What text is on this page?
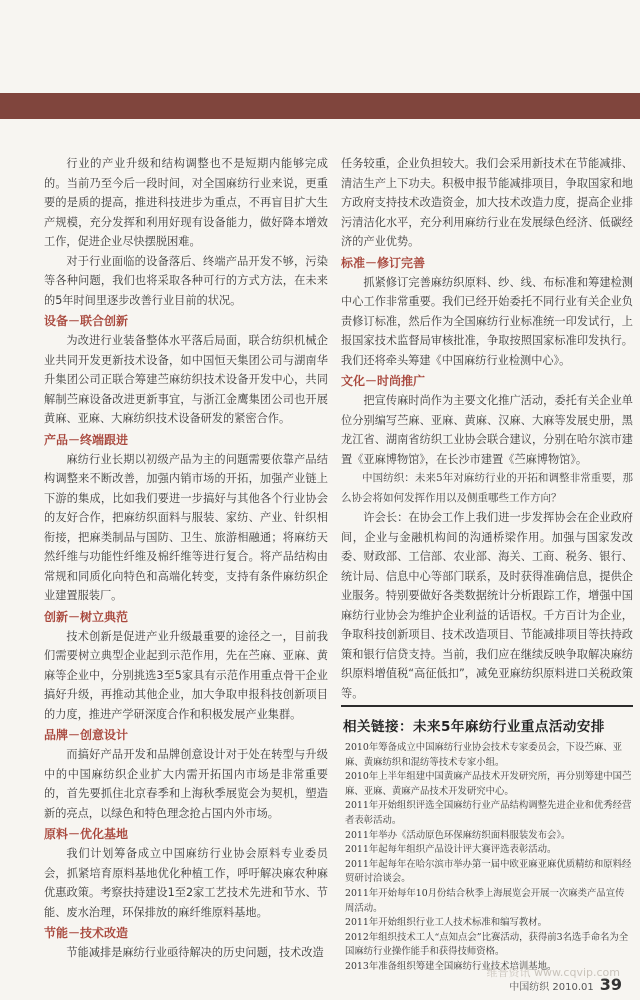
行业的产业升级和结构调整也不是短期内能够完成的。当前乃至今后一段时间，对全国麻纺行业来说，更重要的是质的提高，推进科技进步为重点，不再盲目扩大生产规模，充分发挥和利用好现有设备能力，做好降本增效工作，促进企业尽快摆脱困难。

对于行业面临的设备落后、终端产品开发不够，污染等各种问题，我们也将采取各种可行的方式方法，在未来的5年时间里逐步改善行业目前的状况。

设备－联合创新

为改进行业装备整体水平落后局面，联合纺织机械企业共同开发更新技术设备，如中国恒天集团公司与湖南华升集团公司正联合筹建苎麻纺织技术设备开发中心，共同解制苎麻设备改进更新事宜，与浙江金鹰集团公司也开展黄麻、亚麻、大麻纺织技术设备研发的紧密合作。

产品－终端跟进

麻纺行业长期以初级产品为主的问题需要依靠产品结构调整来不断改善，加强内销市场的开拓，加强产业链上下游的集成，比如我们要进一步搞好与其他各个行业协会的友好合作，把麻纺织面料与服装、家纺、产业、针织相衔接，把麻类制品与国防、卫生、旅游相融通；将麻纺天然纤维与功能性纤维及棉纤维等进行复合。将产品结构由常规和同质化向特色和高端化转变，支持有条件麻纺织企业建置服装厂。

创新－树立典范

技术创新是促进产业升级最重要的途径之一，目前我们需要树立典型企业起到示范作用，先在苎麻、亚麻、黄麻等企业中，分别挑选3至5家具有示范作用重点骨干企业搞好升级，再推动其他企业，加大争取申报科技创新项目的力度，推进产学研深度合作和积极发展产业集群。

品牌－创意设计

而搞好产品开发和品牌创意设计对于处在转型与升级中的中国麻纺织企业扩大内需开拓国内市场是非常重要的，首先要抓住北京春季和上海秋季展览会为契机，塑造新的亮点，以绿色和特色理念抢占国内外市场。

原料－优化基地

我们计划筹备成立中国麻纺行业协会原料专业委员会，抓紧培育原料基地优化种植工作，呼吁解决麻农种麻优惠政策。考察扶持建设1至2家工艺技术先进和节水、节能、废水治理，环保排放的麻纤维原料基地。

节能－技术改造

节能减排是麻纺行业亟待解决的历史问题，技术改造

任务较重，企业负担较大。我们会采用新技术在节能减排、清洁生产上下功夫。积极申报节能减排项目，争取国家和地方政府支持技术改造资金，加大技术改造力度，提高企业排污清洁化水平，充分利用麻纺行业在发展绿色经济、低碳经济的产业优势。

标准－修订完善

抓紧修订完善麻纺织原料、纱、线、布标准和筹建检测中心工作非常重要。我们已经开始委托不同行业有关企业负责修订标准，然后作为全国麻纺行业标准统一印发试行，上报国家技术监督局审核批准，争取按照国家标准印发执行。我们还将牵头筹建《中国麻纺行业检测中心》。

文化－时尚推广

把宣传麻时尚作为主要文化推广活动，委托有关企业单位分别编写苎麻、亚麻、黄麻、汉麻、大麻等发展史册，黑龙江省、湖南省纺织工业协会联合建议，分别在哈尔滨市建置《亚麻博物馆》，在长沙市建置《苎麻博物馆》。

中国纺织：未来5年对麻纺行业的开拓和调整非常重要，那么协会将如何发挥作用以及侧重哪些工作方向？

许会长：在协会工作上我们进一步发挥协会在企业政府间，企业与金融机构间的沟通桥梁作用。加强与国家发改委、财政部、工信部、农业部、海关、工商、税务、银行、统计局、信息中心等部门联系，及时获得准确信息，提供企业服务。特别要做好各类数据统计分析跟踪工作，增强中国麻纺行业协会为维护企业利益的话语权。千方百计为企业，争取科技创新项目、技术改造项目、节能减排项目等扶持政策和银行信贷支持。当前，我们应在继续反映争取解决麻纺织原料增值税“高征低扣”，减免亚麻纺织原料进口关税政策等。

相关链接：未来5年麻纺行业重点活动安排
2010年筹备成立中国麻纺行业协会技术专家委员会，下设苎麻、亚麻、黄麻纺织和混纺等技术专家小组。
2010年上半年组建中国黄麻产品技术开发研究所，再分别筹建中国苎麻、亚麻、黄麻产品技术开发研究中心。
2011年开始组织评选全国麻纺行业产品结构调整先进企业和优秀经营者表彰活动。
2011年举办《活动原色环保麻纺织面料服装发布会》。
2011年起每年组织产品设计评大赛评选表彰活动。
2011年起每年在哈尔滨市举办第一届中欧亚麻亚麻优质精纺和原料经贸研讨洽谈会。
2011年开始每年10月份结合秋季上海展览会开展一次麻类产品宣传周活动。
2011年开始组织行业工人技术标准和编写教材。
2012年组织技术工人“点知点会”比赛活动，获得前3名选手命名为全国麻纺行业操作能手和获得技师资格。
2013年准备组织筹建全国麻纺行业技术培训基地。
维普资讯 www.cqvip.com
中国纺织 2010.01 39
